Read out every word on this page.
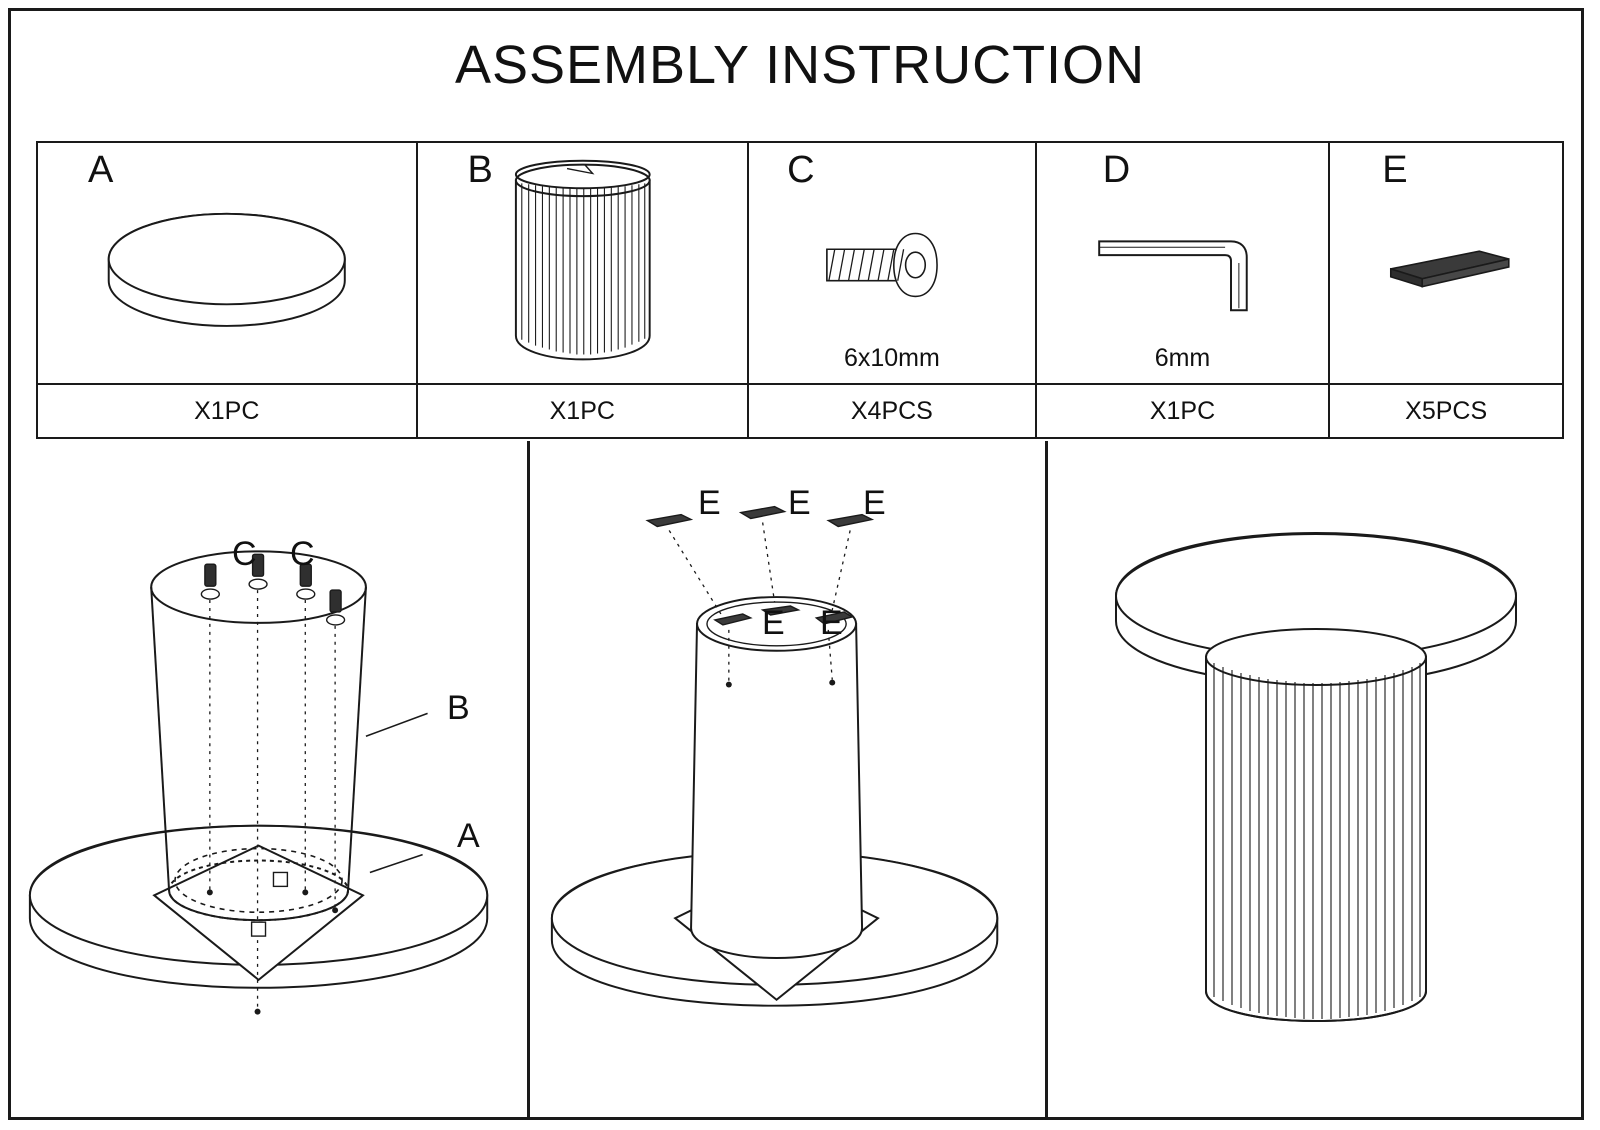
ASSEMBLY INSTRUCTION
A
X1PC
B
X1PC
C
6x10mm
X4PCS
D
6mm
X1PC
E
X5PCS
C C
B
A
E E E
E E
